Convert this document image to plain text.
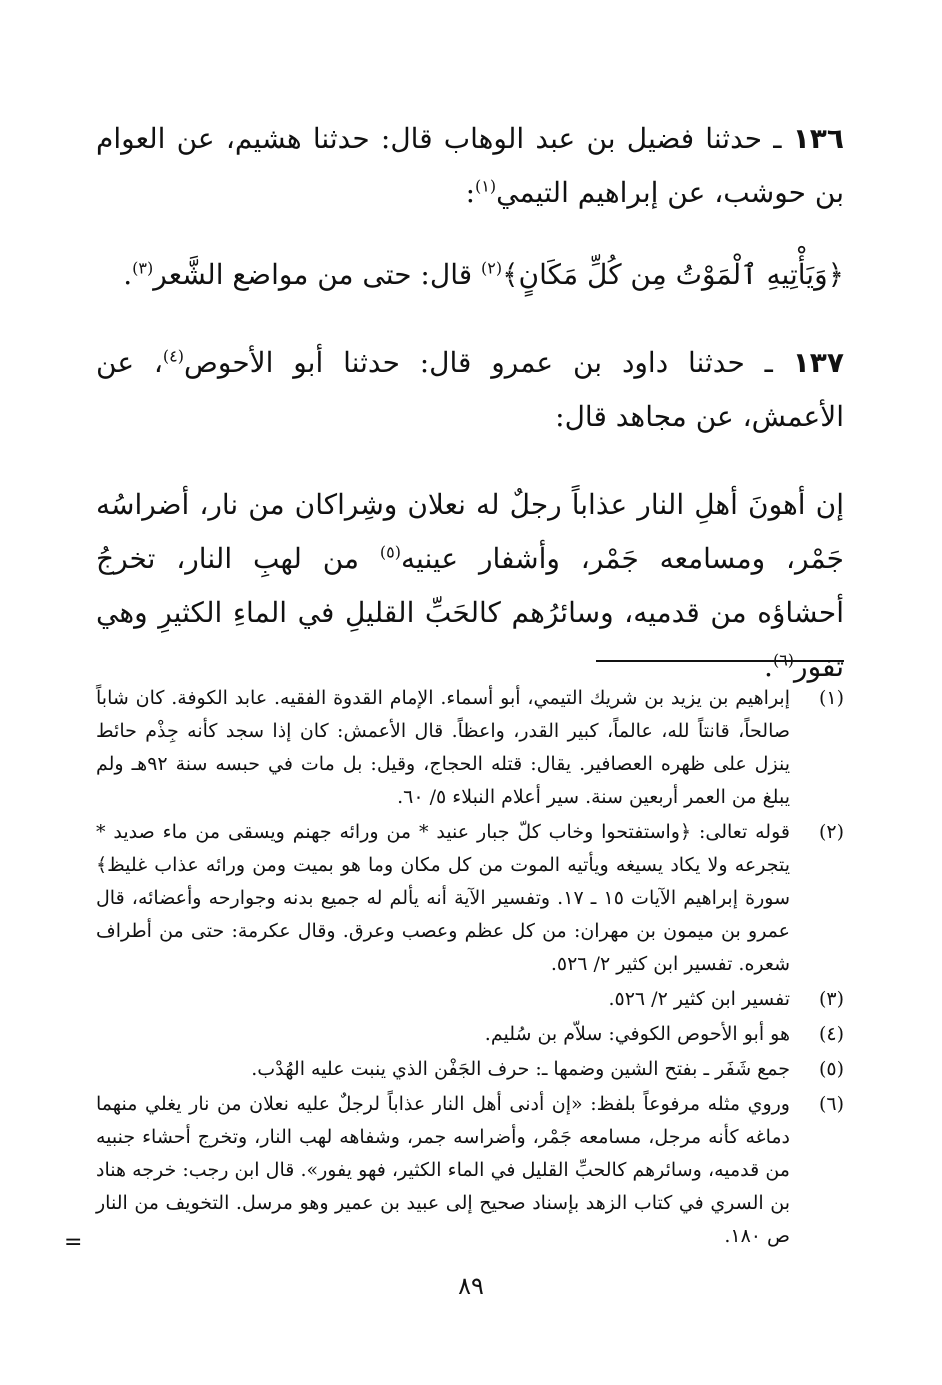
١٣٦ ـ حدثنا فضيل بن عبد الوهاب قال: حدثنا هشيم، عن العوام بن حوشب، عن إبراهيم التيمي$^{(١)}$:

﴿وَيَأْتِيهِ ٱلْمَوْتُ مِن كُلِّ مَكَانٍ﴾$^{(٢)}$ قال: حتى من مواضع الشَّعر$^{(٣)}$.

١٣٧ ـ حدثنا داود بن عمرو قال: حدثنا أبو الأحوص$^{(٤)}$، عن الأعمش، عن مجاهد قال:

إن أهونَ أهلِ النار عذاباً رجلٌ له نعلان وشِراكان من نار، أضراسُه جَمْر، ومسامعه جَمْر، وأشفار عينيه$^{(٥)}$ من لهبِ النار، تخرجُ أحشاؤه من قدميه، وسائرُهم كالحَبِّ القليلِ في الماءِ الكثيرِ وهي تفور$^{(٦)}$.

(١)
إبراهيم بن يزيد بن شريك التيمي، أبو أسماء. الإمام القدوة الفقيه. عابد الكوفة. كان شاباً صالحاً، قانتاً لله، عالماً، كبير القدر، واعظاً. قال الأعمش: كان إذا سجد كأنه جِذْم حائط ينزل على ظهره العصافير. يقال: قتله الحجاج، وقيل: بل مات في حبسه سنة ٩٢هـ ولم يبلغ من العمر أربعين سنة. سير أعلام النبلاء ٥/ ٦٠.
(٢)
قوله تعالى: ﴿واستفتحوا وخاب كلّ جبار عنيد * من ورائه جهنم ويسقى من ماء صديد * يتجرعه ولا يكاد يسيغه ويأتيه الموت من كل مكان وما هو بميت ومن ورائه عذاب غليظ﴾ سورة إبراهيم الآيات ١٥ ـ ١٧. وتفسير الآية أنه يألم له جميع بدنه وجوارحه وأعضائه، قال عمرو بن ميمون بن مهران: من كل عظم وعصب وعرق. وقال عكرمة: حتى من أطراف شعره. تفسير ابن كثير ٢/ ٥٢٦.
(٣)
تفسير ابن كثير ٢/ ٥٢٦.
(٤)
هو أبو الأحوص الكوفي: سلاّم بن سُليم.
(٥)
جمع شَفَر ـ بفتح الشين وضمها ـ: حرف الجَفْن الذي ينبت عليه الهُدْب.
(٦)
وروي مثله مرفوعاً بلفظ: «إن أدنى أهل النار عذاباً لرجلٌ عليه نعلان من نار يغلي منهما دماغه كأنه مرجل، مسامعه جَمْر، وأضراسه جمر، وشفاهه لهب النار، وتخرج أحشاء جنبيه من قدميه، وسائرهم كالحبِّ القليل في الماء الكثير، فهو يفور». قال ابن رجب: خرجه هناد بن السري في كتاب الزهد بإسناد صحيح إلى عبيد بن عمير وهو مرسل. التخويف من النار ص ١٨٠.
=
٨٩
